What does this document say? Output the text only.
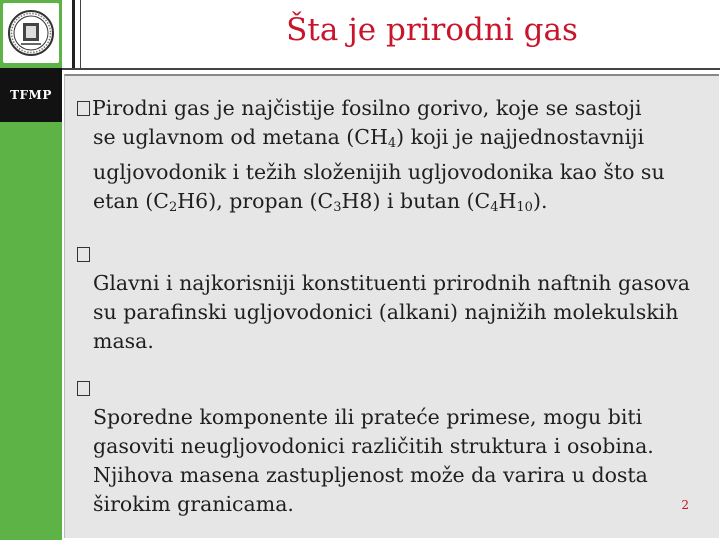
TFMP
Šta je prirodni gas
Pirodni gas je najčistije fosilno gorivo, koje se sastoji
se uglavnom od metana $(CH_4)$ koji je najjednostavniji ugljovodonik i težih složenijih ugljovodonika kao što su etan $(C_2H6)$, propan $(C_3H8)$ i butan $(C_4H_{10})$.
Glavni i najkorisniji konstituenti prirodnih naftnih gasova su parafinski ugljovodonici (alkani) najnižih molekulskih masa.
Sporedne komponente ili prateće primese, mogu biti gasoviti neugljovodonici različitih struktura i osobina. Njihova masena zastupljenost može da varira u dosta širokim granicama.	2
